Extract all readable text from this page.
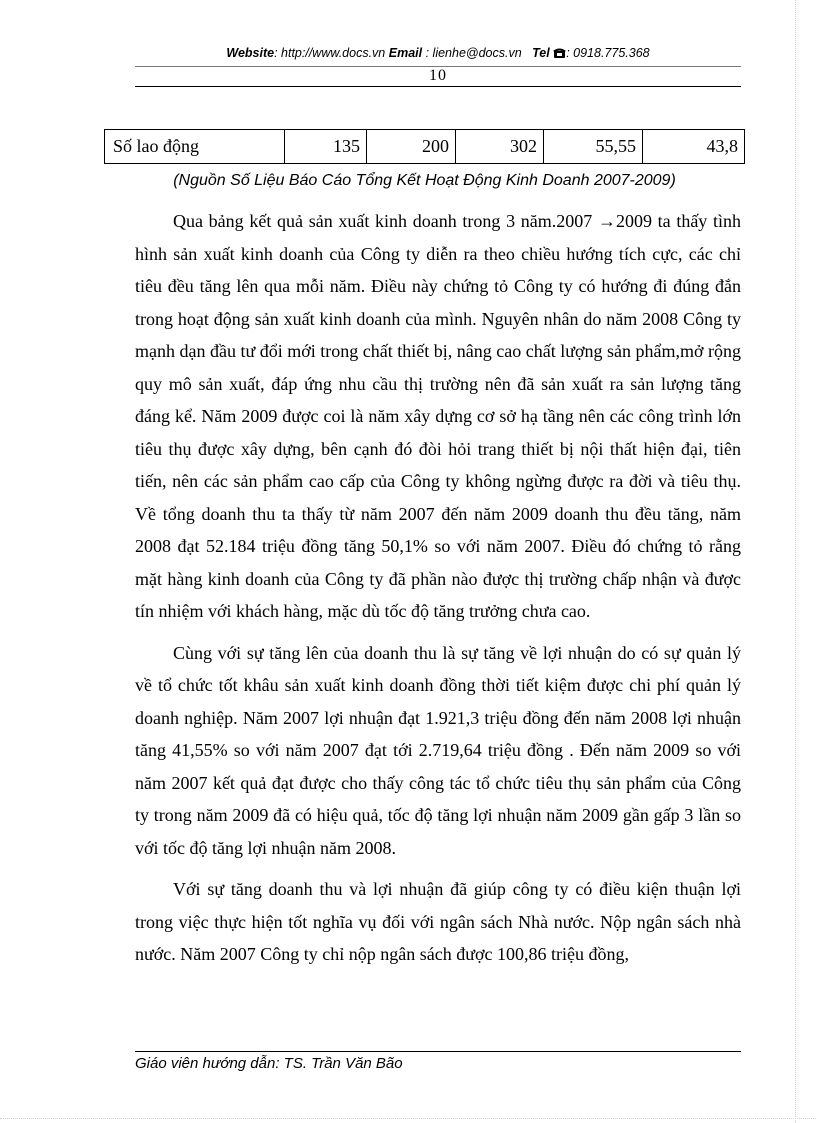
Website: http://www.docs.vn Email : lienhe@docs.vn Tel : 0918.775.368
10
Số lao động	135	200	302	55,55	43,8
(Nguồn Số Liệu Báo Cáo Tổng Kết Hoạt Động Kinh Doanh 2007-2009)

Qua bảng kết quả sản xuất kinh doanh trong 3 năm.2007 →2009 ta thấy tình hình sản xuất kinh doanh của Công ty diễn ra theo chiều hướng tích cực, các chỉ tiêu đều tăng lên qua mỗi năm. Điều này chứng tỏ Công ty có hướng đi đúng đắn trong hoạt động sản xuất kinh doanh của mình. Nguyên nhân do năm 2008 Công ty mạnh dạn đầu tư đổi mới trong chất thiết bị, nâng cao chất lượng sản phẩm,mở rộng quy mô sản xuất, đáp ứng nhu cầu thị trường nên đã sản xuất ra sản lượng tăng đáng kể. Năm 2009 được coi là năm xây dựng cơ sở hạ tầng nên các công trình lớn tiêu thụ được xây dựng, bên cạnh đó đòi hỏi trang thiết bị nội thất hiện đại, tiên tiến, nên các sản phẩm cao cấp của Công ty không ngừng được ra đời và tiêu thụ. Về tổng doanh thu ta thấy từ năm 2007 đến năm 2009 doanh thu đều tăng, năm 2008 đạt 52.184 triệu đồng tăng 50,1% so với năm 2007. Điều đó chứng tỏ rằng mặt hàng kinh doanh của Công ty đã phần nào được thị trường chấp nhận và được tín nhiệm với khách hàng, mặc dù tốc độ tăng trưởng chưa cao.

Cùng với sự tăng lên của doanh thu là sự tăng về lợi nhuận do có sự quản lý về tổ chức tốt khâu sản xuất kinh doanh đồng thời tiết kiệm được chi phí quản lý doanh nghiệp. Năm 2007 lợi nhuận đạt 1.921,3 triệu đồng đến năm 2008 lợi nhuận tăng 41,55% so với năm 2007 đạt tới 2.719,64 triệu đồng . Đến năm 2009 so với năm 2007 kết quả đạt được cho thấy công tác tổ chức tiêu thụ sản phẩm của Công ty trong năm 2009 đã có hiệu quả, tốc độ tăng lợi nhuận năm 2009 gần gấp 3 lần so với tốc độ tăng lợi nhuận năm 2008.

Với sự tăng doanh thu và lợi nhuận đã giúp công ty có điều kiện thuận lợi trong việc thực hiện tốt nghĩa vụ đối với ngân sách Nhà nước. Nộp ngân sách nhà nước. Năm 2007 Công ty chỉ nộp ngân sách được 100,86 triệu đồng,

Giáo viên hướng dẫn: TS. Trần Văn Bão
